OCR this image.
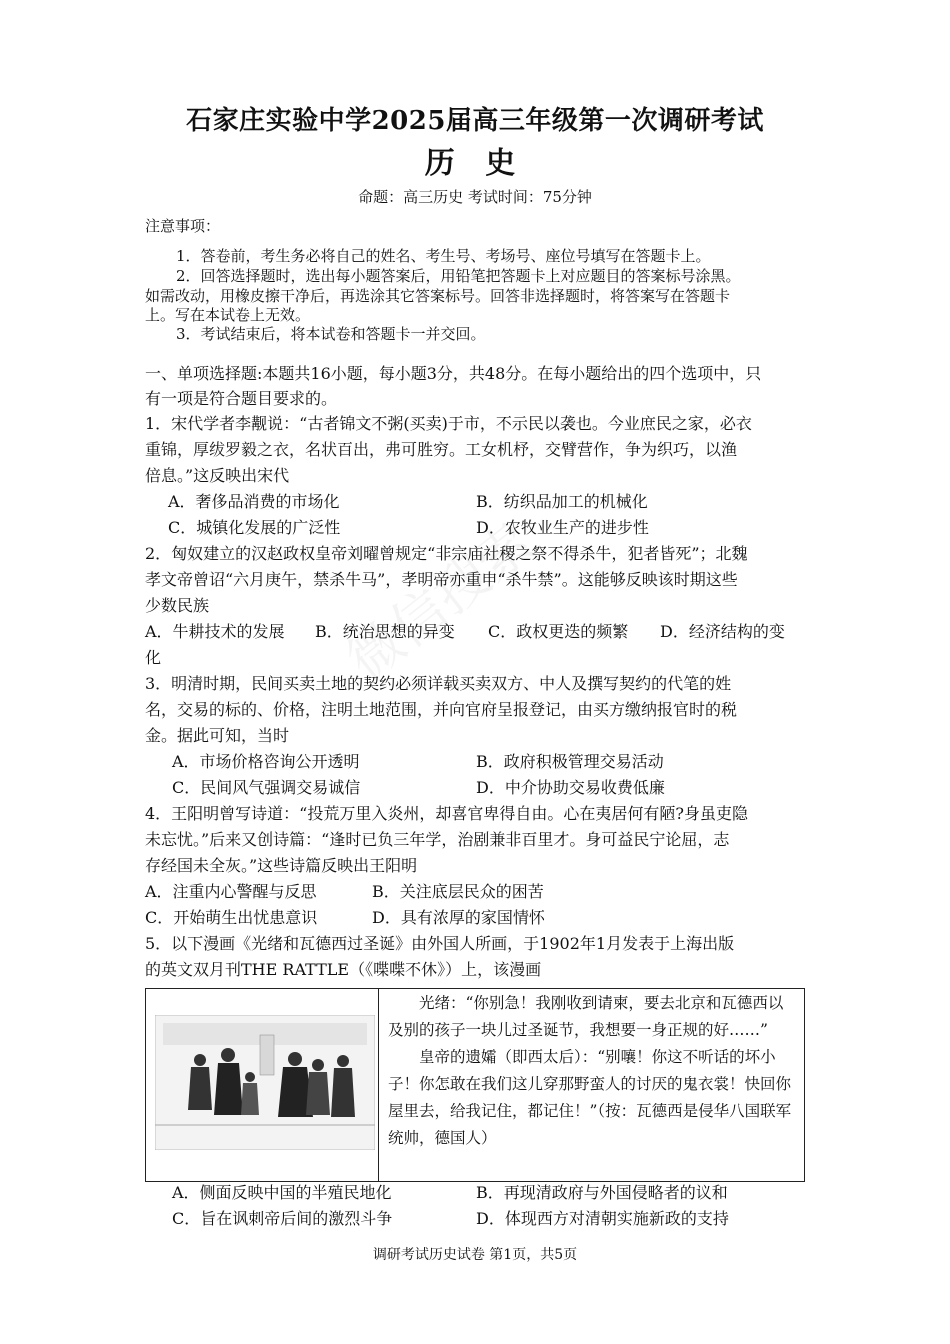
石家庄实验中学2025届高三年级第一次调研考试
历 史
命题：高三历史 考试时间：75分钟
注意事项：
1．答卷前，考生务必将自己的姓名、考生号、考场号、座位号填写在答题卡上。
2．回答选择题时，选出每小题答案后，用铅笔把答题卡上对应题目的答案标号涂黑。
如需改动，用橡皮擦干净后，再选涂其它答案标号。回答非选择题时，将答案写在答题卡
上。写在本试卷上无效。
3．考试结束后，将本试卷和答题卡一并交回。
一、单项选择题:本题共16小题，每小题3分，共48分。在每小题给出的四个选项中，只
有一项是符合题目要求的。
1．宋代学者李觏说：“古者锦文不粥(买卖)于市，不示民以袭也。今业庶民之家，必衣
重锦，厚绂罗毅之衣，名状百出，弗可胜穷。工女机杼，交臂营作，争为织巧，以渔
倍息。”这反映出宋代
A．奢侈品消费的市场化	B．纺织品加工的机械化
C．城镇化发展的广泛性	D．农牧业生产的进步性
2．匈奴建立的汉赵政权皇帝刘曜曾规定“非宗庙社稷之祭不得杀牛，犯者皆死”；北魏
孝文帝曾诏“六月庚午，禁杀牛马”，孝明帝亦重申“杀牛禁”。这能够反映该时期这些
少数民族
A．牛耕技术的发展 B．统治思想的异变 C．政权更迭的频繁 D．经济结构的变
化
3．明清时期，民间买卖土地的契约必须详载买卖双方、中人及撰写契约的代笔的姓
名，交易的标的、价格，注明土地范围，并向官府呈报登记，由买方缴纳报官时的税
金。据此可知，当时
A．市场价格咨询公开透明	B．政府积极管理交易活动
C．民间风气强调交易诚信	D．中介协助交易收费低廉
4．王阳明曾写诗道：“投荒万里入炎州，却喜官卑得自由。心在夷居何有陋?身虽吏隐
未忘忧。”后来又创诗篇：“逢时已负三年学，治剧兼非百里才。身可益民宁论屈，志
存经国未全灰。”这些诗篇反映出王阳明
A．注重内心警醒与反思	B．关注底层民众的困苦
C．开始萌生出忧患意识	D．具有浓厚的家国情怀
5．以下漫画《光绪和瓦德西过圣诞》由外国人所画，于1902年1月发表于上海出版
的英文双月刊THE RATTLE（《喋喋不休》）上，该漫画
光绪：“你别急！我刚收到请柬，要去北京和瓦德西以及别的孩子一块儿过圣诞节，我想要一身正规的好……”
皇帝的遗孀（即西太后）：“别嚷！你这不听话的坏小子！你怎敢在我们这儿穿那野蛮人的讨厌的鬼衣裳！快回你屋里去，给我记住，都记住！”（按：瓦德西是侵华八国联军统帅，德国人）
A．侧面反映中国的半殖民地化	B．再现清政府与外国侵略者的议和
C．旨在讽刺帝后间的激烈斗争	D．体现西方对清朝实施新政的支持
调研考试历史试卷 第1页，共5页
